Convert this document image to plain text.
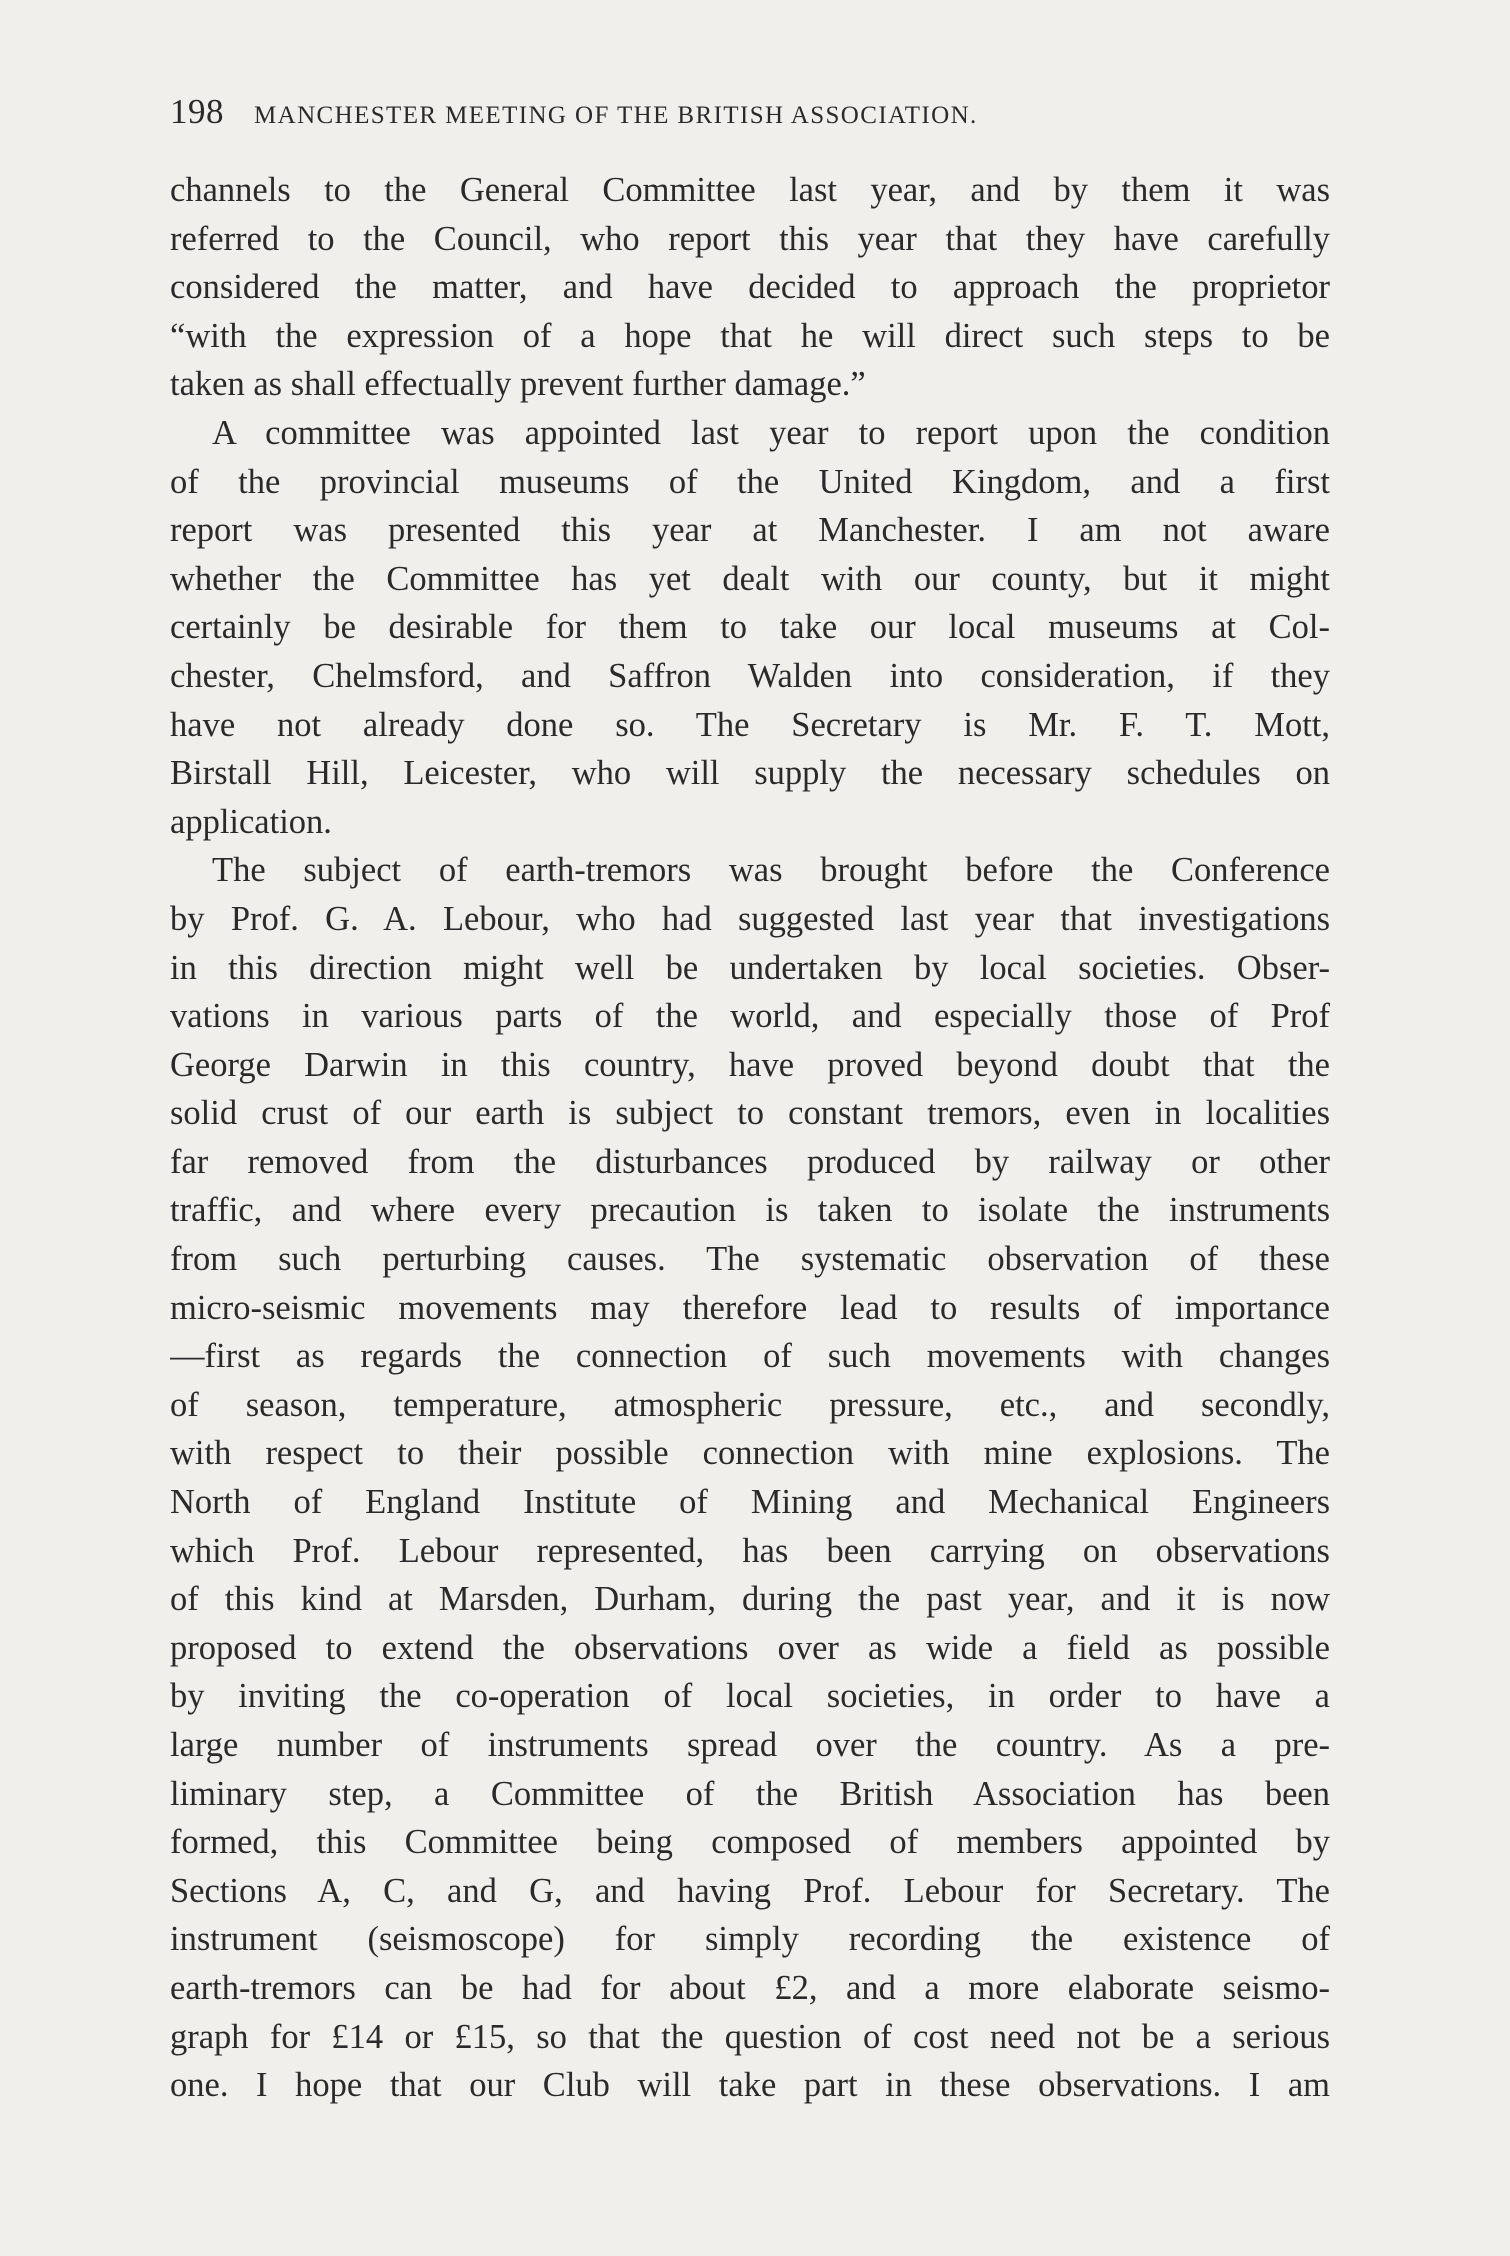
198 MANCHESTER MEETING OF THE BRITISH ASSOCIATION.
channels to the General Committee last year, and by them it was
referred to the Council, who report this year that they have carefully
considered the matter, and have decided to approach the proprietor
“with the expression of a hope that he will direct such steps to be
taken as shall effectually prevent further damage.”
A committee was appointed last year to report upon the condition
of the provincial museums of the United Kingdom, and a first
report was presented this year at Manchester. I am not aware
whether the Committee has yet dealt with our county, but it might
certainly be desirable for them to take our local museums at Col-
chester, Chelmsford, and Saffron Walden into consideration, if they
have not already done so. The Secretary is Mr. F. T. Mott,
Birstall Hill, Leicester, who will supply the necessary schedules on
application.
The subject of earth-tremors was brought before the Conference
by Prof. G. A. Lebour, who had suggested last year that investigations
in this direction might well be undertaken by local societies. Obser-
vations in various parts of the world, and especially those of Prof
George Darwin in this country, have proved beyond doubt that the
solid crust of our earth is subject to constant tremors, even in localities
far removed from the disturbances produced by railway or other
traffic, and where every precaution is taken to isolate the instruments
from such perturbing causes. The systematic observation of these
micro-seismic movements may therefore lead to results of importance
—first as regards the connection of such movements with changes
of season, temperature, atmospheric pressure, etc., and secondly,
with respect to their possible connection with mine explosions. The
North of England Institute of Mining and Mechanical Engineers
which Prof. Lebour represented, has been carrying on observations
of this kind at Marsden, Durham, during the past year, and it is now
proposed to extend the observations over as wide a field as possible
by inviting the co-operation of local societies, in order to have a
large number of instruments spread over the country. As a pre-
liminary step, a Committee of the British Association has been
formed, this Committee being composed of members appointed by
Sections A, C, and G, and having Prof. Lebour for Secretary. The
instrument (seismoscope) for simply recording the existence of
earth-tremors can be had for about £2, and a more elaborate seismo-
graph for £14 or £15, so that the question of cost need not be a serious
one. I hope that our Club will take part in these observations. I am
